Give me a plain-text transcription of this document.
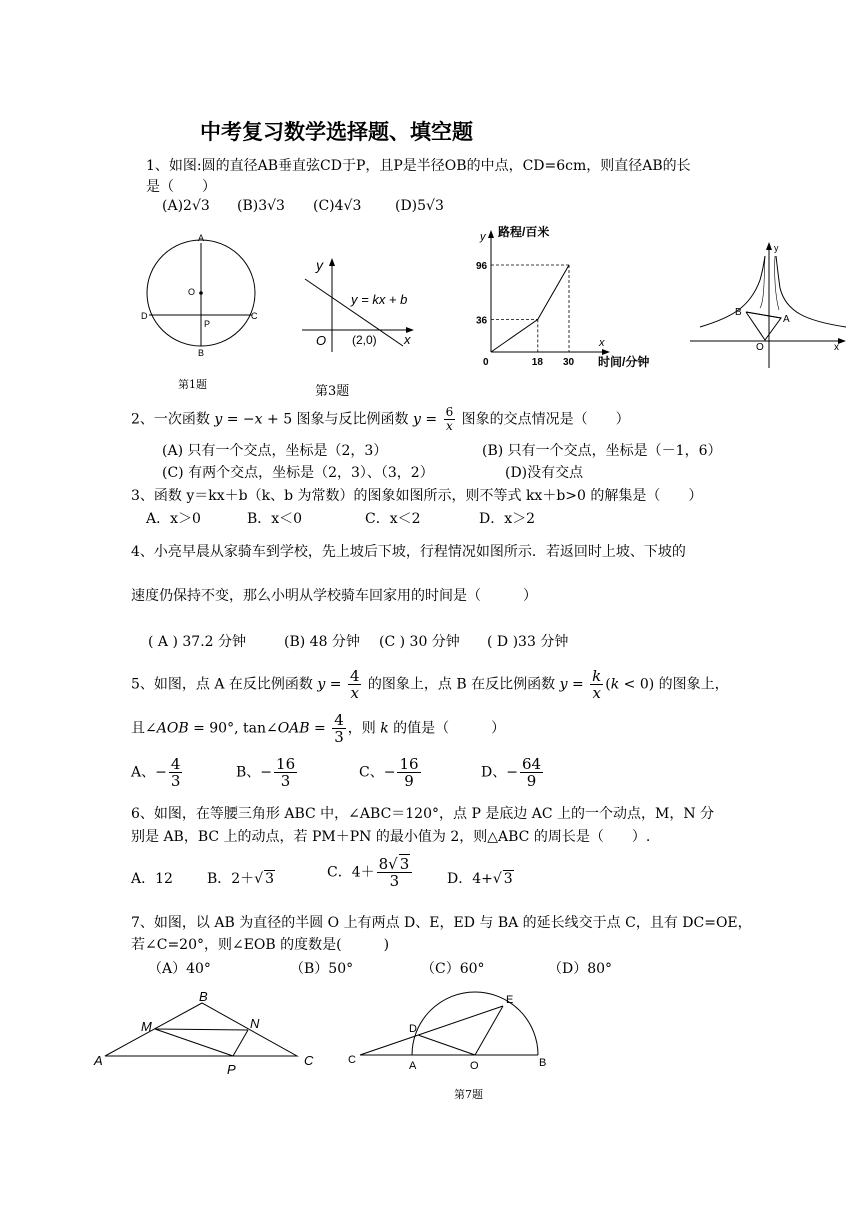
中考复习数学选择题、填空题
1、如图:圆的直径AB垂直弦CD于P，且P是半径OB的中点，CD=6cm，则直径AB的长
是（　　）
(A)2√3 (B)3√3 (C)4√3 (D)5√3
A
O
D
P
C
B
第1题
y
O	x
y = kx + b
(2,0)
第3题
y
x
路程/百米
时间/分钟
96
36
0	18 30
y
B
A
O	x
2、一次函数 y = −x + 5 图象与反比例函数 $y = \frac{6}{x}$ 图象的交点情况是（　　）
(A) 只有一个交点，坐标是（2，3）	(B) 只有一个交点，坐标是（－1，6）
(C) 有两个交点，坐标是（2，3）、（3，2）	(D)没有交点
3、函数 y＝kx＋b（k、b 为常数）的图象如图所示，则不等式 kx＋b>0 的解集是（　　）
A．x＞0	B．x＜0	C．x＜2	D．x＞2
4、小亮早晨从家骑车到学校，先上坡后下坡，行程情况如图所示．若返回时上坡、下坡的
速度仍保持不变，那么小明从学校骑车回家用的时间是（　　　）
( A ) 37.2 分钟	(B) 48 分钟 (C ) 30 分钟 ( D )33 分钟
5、如图，点 A 在反比例函数 $y = \frac{4}{x}$ 的图象上，点 B 在反比例函数 $y = \frac{k}{x} (k < 0)$ 的图象上，
且∠AOB = 90°, tan∠OAB = $\frac{4}{3}$ ，则 k 的值是（　　　）
A、− $\frac{4}{3}$	B、− $\frac{16}{3}$	C、− $\frac{16}{9}$	D、− $\frac{64}{9}$
6、如图，在等腰三角形 ABC 中，∠ABC＝120°，点 P 是底边 AC 上的一个动点，M，N 分
别是 AB，BC 上的动点，若 PM＋PN 的最小值为 2，则△ABC 的周长是（　　）.
A．12 B．2＋√ 3	C．$4+ \frac{8√ 3}{3}$ D．4+√ 3
7、如图，以 AB 为直径的半圆 O 上有两点 D、E，ED 与 BA 的延长线交于点 C，且有 DC=OE，
若∠C=20°，则∠EOB 的度数是(　　　)
（A）40°	（B）50°	（C）60°	（D）80°
B
M	N
A
P
C
E
D
C	A	O	B
第7题
